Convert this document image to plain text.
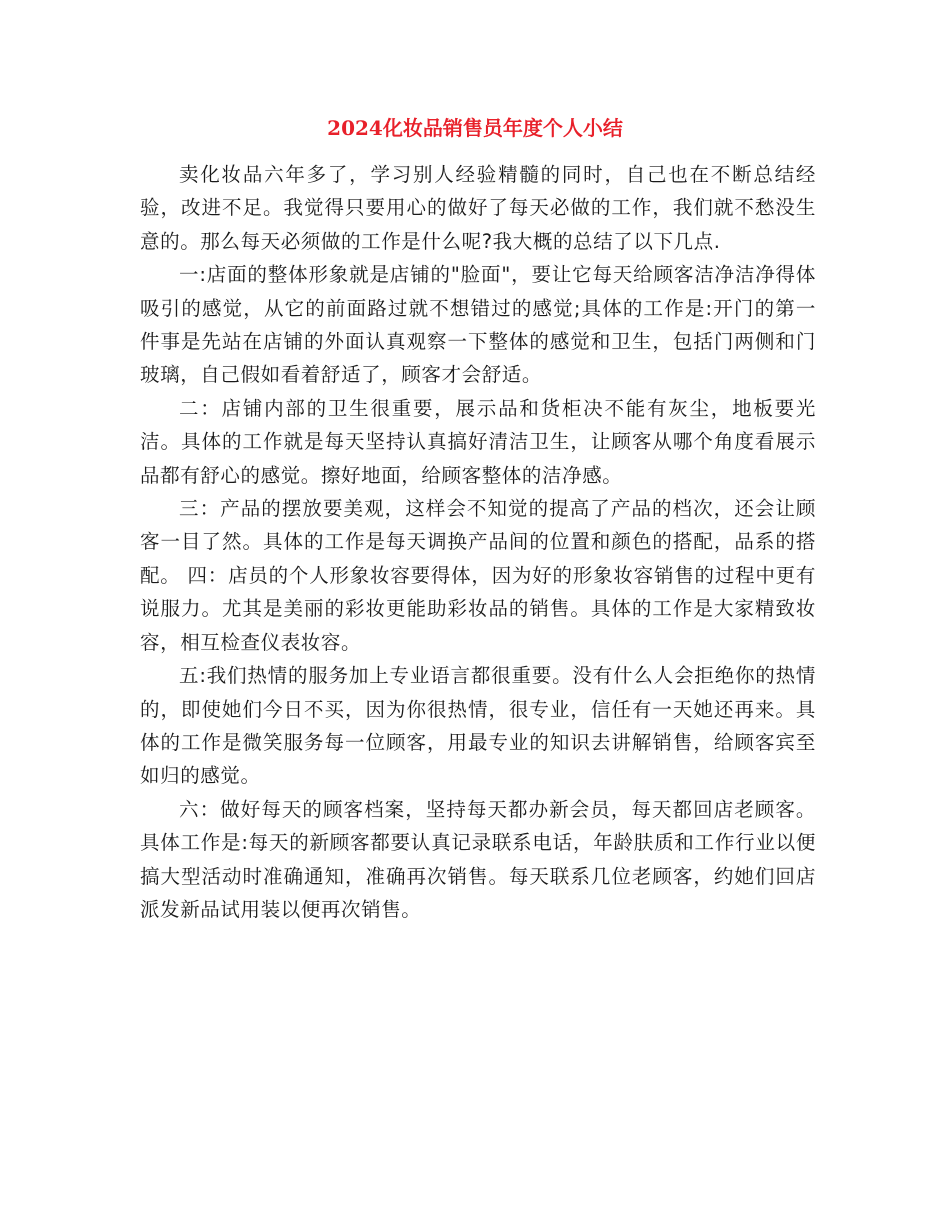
2024化妆品销售员年度个人小结

卖化妆品六年多了，学习别人经验精髓的同时，自己也在不断总结经验，改进不足。我觉得只要用心的做好了每天必做的工作，我们就不愁没生意的。那么每天必须做的工作是什么呢?我大概的总结了以下几点.

一:店面的整体形象就是店铺的"脸面"，要让它每天给顾客洁净洁净得体吸引的感觉，从它的前面路过就不想错过的感觉;具体的工作是:开门的第一件事是先站在店铺的外面认真观察一下整体的感觉和卫生，包括门两侧和门玻璃，自己假如看着舒适了，顾客才会舒适。

二：店铺内部的卫生很重要，展示品和货柜决不能有灰尘，地板要光洁。具体的工作就是每天坚持认真搞好清洁卫生，让顾客从哪个角度看展示品都有舒心的感觉。擦好地面，给顾客整体的洁净感。

三：产品的摆放要美观，这样会不知觉的提高了产品的档次，还会让顾客一目了然。具体的工作是每天调换产品间的位置和颜色的搭配，品系的搭配。 四：店员的个人形象妆容要得体，因为好的形象妆容销售的过程中更有说服力。尤其是美丽的彩妆更能助彩妆品的销售。具体的工作是大家精致妆容，相互检查仪表妆容。

五:我们热情的服务加上专业语言都很重要。没有什么人会拒绝你的热情的，即使她们今日不买，因为你很热情，很专业，信任有一天她还再来。具体的工作是微笑服务每一位顾客，用最专业的知识去讲解销售，给顾客宾至如归的感觉。

六：做好每天的顾客档案，坚持每天都办新会员，每天都回店老顾客。具体工作是:每天的新顾客都要认真记录联系电话，年龄肤质和工作行业以便搞大型活动时准确通知，准确再次销售。每天联系几位老顾客，约她们回店派发新品试用装以便再次销售。
